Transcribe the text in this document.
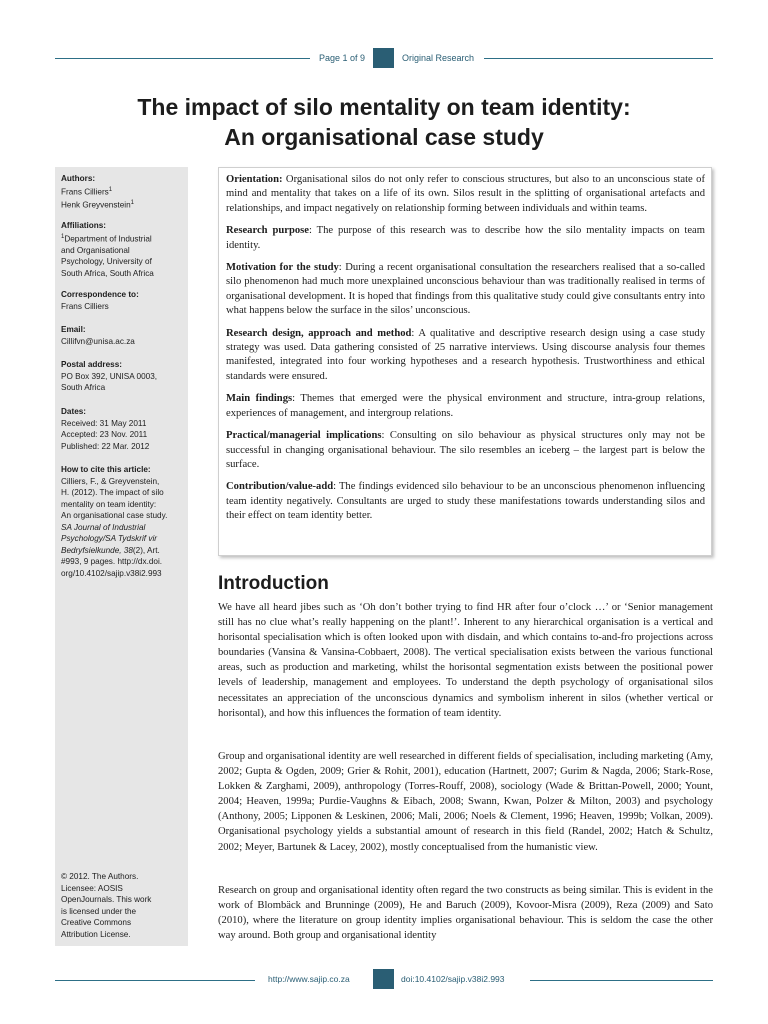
Page 1 of 9	Original Research
The impact of silo mentality on team identity:
An organisational case study
Authors:
Frans Cilliers$^1$
Henk Greyvenstein$^1$
Affiliations:
$^1$Department of Industrial
and Organisational
Psychology, University of
South Africa, South Africa
Correspondence to:
Frans Cilliers
Email:
Cillifvn@unisa.ac.za
Postal address:
PO Box 392, UNISA 0003,
South Africa
Dates:
Received: 31 May 2011
Accepted: 23 Nov. 2011
Published: 22 Mar. 2012
How to cite this article:
Cilliers, F., & Greyvenstein,
H. (2012). The impact of silo
mentality on team identity:
An organisational case study.
SA Journal of Industrial
Psychology/SA Tydskrif vir
Bedryfsielkunde, 38(2), Art.
#993, 9 pages. http://dx.doi.
org/10.4102/sajip.v38i2.993
© 2012. The Authors.
Licensee: AOSIS
OpenJournals. This work
is licensed under the
Creative Commons
Attribution License.

Orientation: Organisational silos do not only refer to conscious structures, but also to an unconscious state of mind and mentality that takes on a life of its own. Silos result in the splitting of organisational artefacts and relationships, and impact negatively on relationship forming between individuals and within teams.

Research purpose: The purpose of this research was to describe how the silo mentality impacts on team identity.

Motivation for the study: During a recent organisational consultation the researchers realised that a so-called silo phenomenon had much more unexplained unconscious behaviour than was traditionally realised in terms of organisational development. It is hoped that findings from this qualitative study could give consultants entry into what happens below the surface in the silos’ unconscious.

Research design, approach and method: A qualitative and descriptive research design using a case study strategy was used. Data gathering consisted of 25 narrative interviews. Using discourse analysis four themes manifested, integrated into four working hypotheses and a research hypothesis. Trustworthiness and ethical standards were ensured.

Main findings: Themes that emerged were the physical environment and structure, intra-group relations, experiences of management, and intergroup relations.

Practical/managerial implications: Consulting on silo behaviour as physical structures only may not be successful in changing organisational behaviour. The silo resembles an iceberg – the largest part is below the surface.

Contribution/value-add: The findings evidenced silo behaviour to be an unconscious phenomenon influencing team identity negatively. Consultants are urged to study these manifestations towards understanding silos and their effect on team identity better.

Introduction

We have all heard jibes such as ‘Oh don’t bother trying to find HR after four o’clock …’ or ‘Senior management still has no clue what’s really happening on the plant!’. Inherent to any hierarchical organisation is a vertical and horisontal specialisation which is often looked upon with disdain, and which contains to-and-fro projections across boundaries (Vansina & Vansina-Cobbaert, 2008). The vertical specialisation exists between the various functional areas, such as production and marketing, whilst the horisontal segmentation exists between the positional power levels of leadership, management and employees. To understand the depth psychology of organisational silos necessitates an appreciation of the unconscious dynamics and symbolism inherent in silos (whether vertical or horisontal), and how this influences the formation of team identity.

Group and organisational identity are well researched in different fields of specialisation, including marketing (Amy, 2002; Gupta & Ogden, 2009; Grier & Rohit, 2001), education (Hartnett, 2007; Gurim & Nagda, 2006; Stark-Rose, Lokken & Zarghami, 2009), anthropology (Torres-Rouff, 2008), sociology (Wade & Brittan-Powell, 2000; Yount, 2004; Heaven, 1999a; Purdie-Vaughns & Eibach, 2008; Swann, Kwan, Polzer & Milton, 2003) and psychology (Anthony, 2005; Lipponen & Leskinen, 2006; Mali, 2006; Noels & Clement, 1996; Heaven, 1999b; Volkan, 2009). Organisational psychology yields a substantial amount of research in this field (Randel, 2002; Hatch & Schultz, 2002; Meyer, Bartunek & Lacey, 2002), mostly conceptualised from the humanistic view.

Research on group and organisational identity often regard the two constructs as being similar. This is evident in the work of Blombäck and Brunninge (2009), He and Baruch (2009), Kovoor-Misra (2009), Reza (2009) and Sato (2010), where the literature on group identity implies organisational behaviour. This is seldom the case the other way around. Both group and organisational identity

http://www.sajip.co.za	doi:10.4102/sajip.v38i2.993
